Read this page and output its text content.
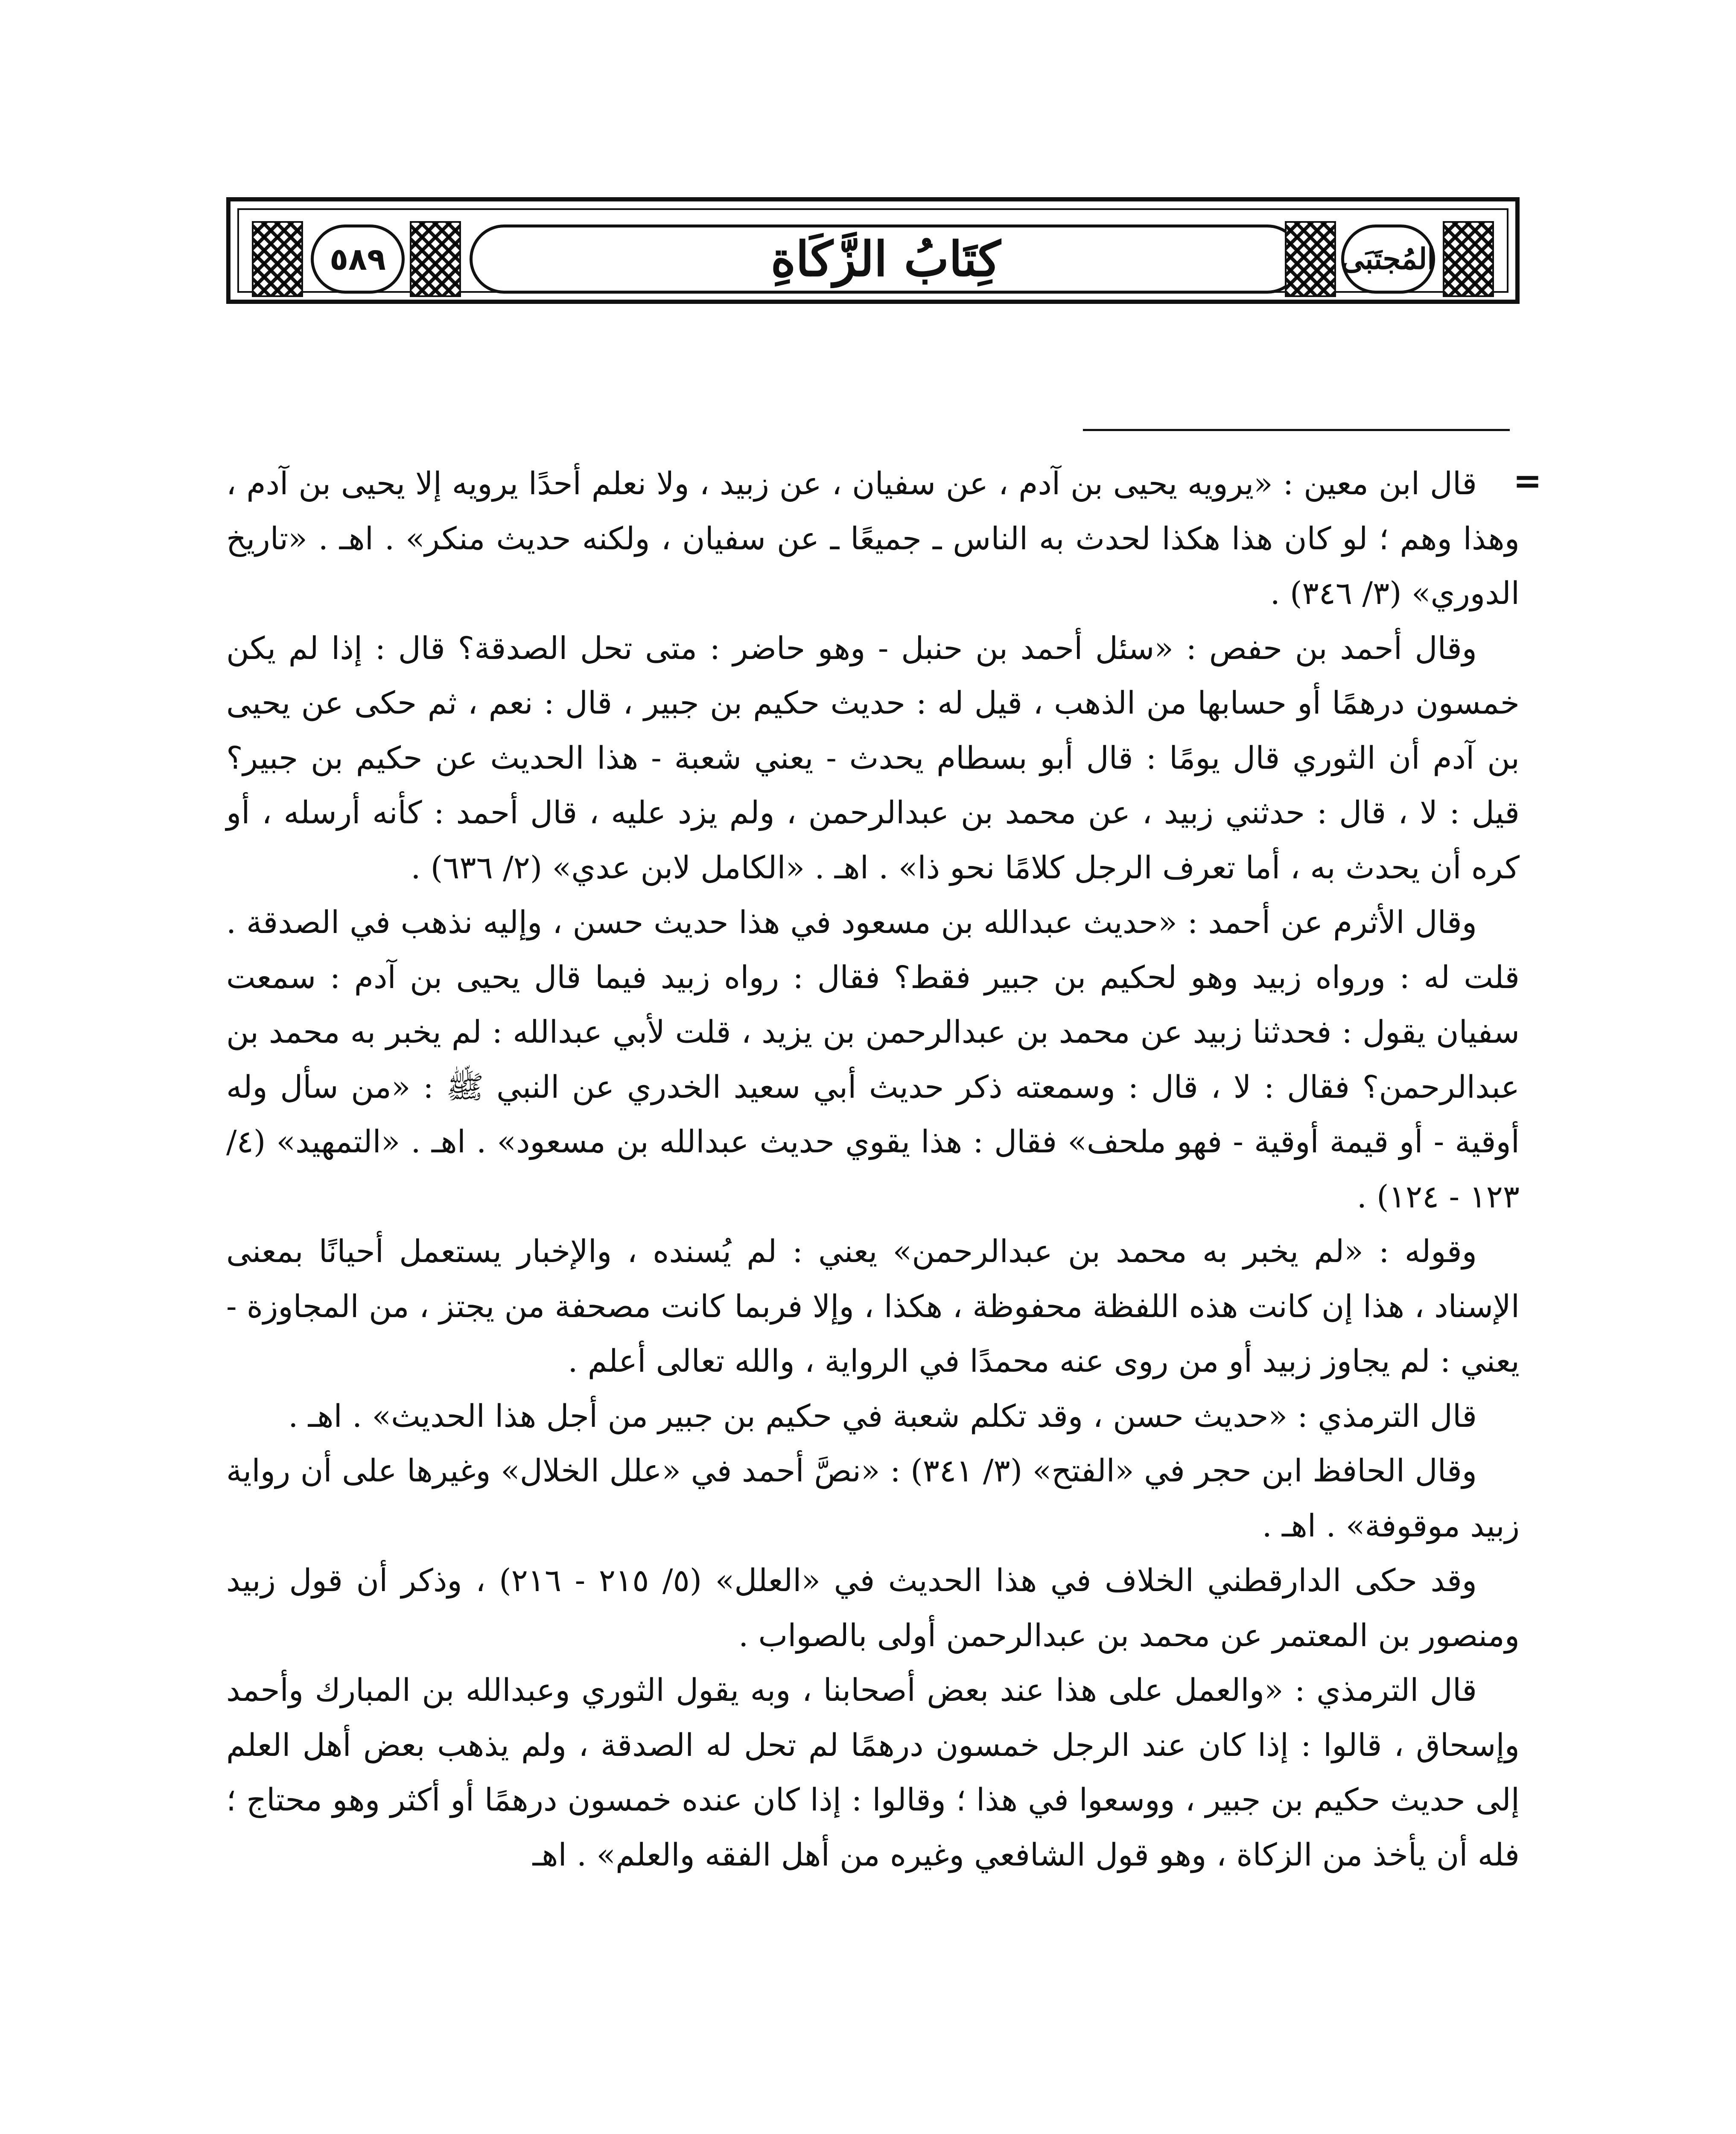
٥٨٩	كِتَابُ الزَّكَاةِ	المُجتَبَى
=

قال ابن معين : «يرويه يحيى بن آدم ، عن سفيان ، عن زبيد ، ولا نعلم أحدًا يرويه إلا يحيى بن آدم ، وهذا وهم ؛ لو كان هذا هكذا لحدث به الناس ـ جميعًا ـ عن سفيان ، ولكنه حديث منكر» . اهـ . «تاريخ الدوري» (٣/ ٣٤٦) .

وقال أحمد بن حفص : «سئل أحمد بن حنبل - وهو حاضر : متى تحل الصدقة؟ قال : إذا لم يكن خمسون درهمًا أو حسابها من الذهب ، قيل له : حديث حكيم بن جبير ، قال : نعم ، ثم حكى عن يحيى بن آدم أن الثوري قال يومًا : قال أبو بسطام يحدث - يعني شعبة - هذا الحديث عن حكيم بن جبير؟ قيل : لا ، قال : حدثني زبيد ، عن محمد بن عبدالرحمن ، ولم يزد عليه ، قال أحمد : كأنه أرسله ، أو كره أن يحدث به ، أما تعرف الرجل كلامًا نحو ذا» . اهـ . «الكامل لابن عدي» (٢/ ٦٣٦) .

وقال الأثرم عن أحمد : «حديث عبدالله بن مسعود في هذا حديث حسن ، وإليه نذهب في الصدقة . قلت له : ورواه زبيد وهو لحكيم بن جبير فقط؟ فقال : رواه زبيد فيما قال يحيى بن آدم : سمعت سفيان يقول : فحدثنا زبيد عن محمد بن عبدالرحمن بن يزيد ، قلت لأبي عبدالله : لم يخبر به محمد بن عبدالرحمن؟ فقال : لا ، قال : وسمعته ذكر حديث أبي سعيد الخدري عن النبي ﷺ : «من سأل وله أوقية - أو قيمة أوقية - فهو ملحف» فقال : هذا يقوي حديث عبدالله بن مسعود» . اهـ . «التمهيد» (٤/ ١٢٣ - ١٢٤) .

وقوله : «لم يخبر به محمد بن عبدالرحمن» يعني : لم يُسنده ، والإخبار يستعمل أحيانًا بمعنى الإسناد ، هذا إن كانت هذه اللفظة محفوظة ، هكذا ، وإلا فربما كانت مصحفة من يجتز ، من المجاوزة - يعني : لم يجاوز زبيد أو من روى عنه محمدًا في الرواية ، والله تعالى أعلم .

قال الترمذي : «حديث حسن ، وقد تكلم شعبة في حكيم بن جبير من أجل هذا الحديث» . اهـ .

وقال الحافظ ابن حجر في «الفتح» (٣/ ٣٤١) : «نصَّ أحمد في «علل الخلال» وغيرها على أن رواية زبيد موقوفة» . اهـ .

وقد حكى الدارقطني الخلاف في هذا الحديث في «العلل» (٥/ ٢١٥ - ٢١٦) ، وذكر أن قول زبيد ومنصور بن المعتمر عن محمد بن عبدالرحمن أولى بالصواب .

قال الترمذي : «والعمل على هذا عند بعض أصحابنا ، وبه يقول الثوري وعبدالله بن المبارك وأحمد وإسحاق ، قالوا : إذا كان عند الرجل خمسون درهمًا لم تحل له الصدقة ، ولم يذهب بعض أهل العلم إلى حديث حكيم بن جبير ، ووسعوا في هذا ؛ وقالوا : إذا كان عنده خمسون درهمًا أو أكثر وهو محتاج ؛ فله أن يأخذ من الزكاة ، وهو قول الشافعي وغيره من أهل الفقه والعلم» . اهـ
